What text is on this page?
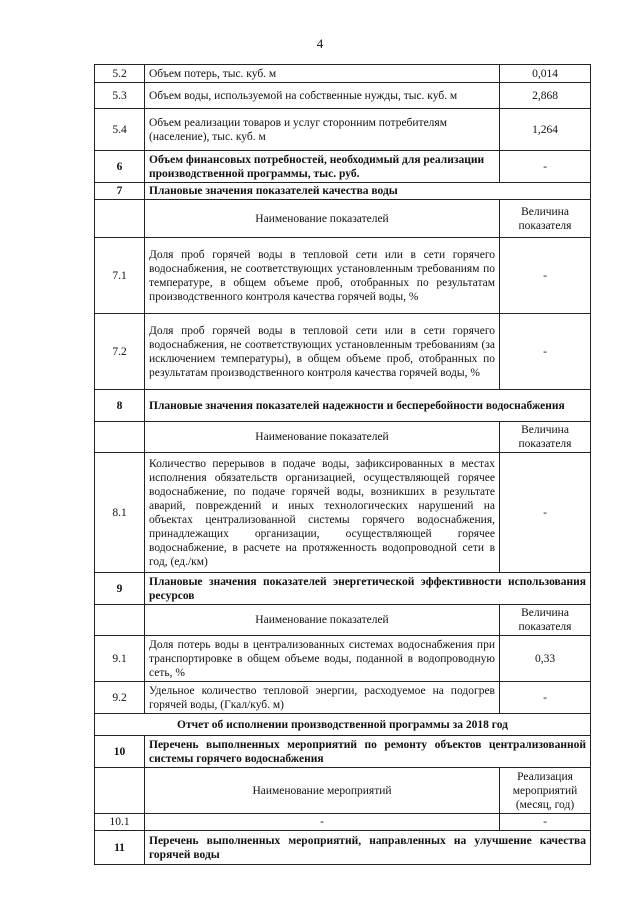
4
5.2	Объем потерь, тыс. куб. м	0,014
5.3	Объем воды, используемой на собственные нужды, тыс. куб. м	2,868
5.4	Объем реализации товаров и услуг сторонним потребителям (население), тыс. куб. м	1,264
6	Объем финансовых потребностей, необходимый для реализации производственной программы, тыс. руб.	-
7	Плановые значения показателей качества воды	
	Наименование показателей	Величина показателя
7.1	Доля проб горячей воды в тепловой сети или в сети горячего водоснабжения, не соответствующих установленным требованиям по температуре, в общем объеме проб, отобранных по результатам производственного контроля качества горячей воды, %	-
7.2	Доля проб горячей воды в тепловой сети или в сети горячего водоснабжения, не соответствующих установленным требованиям (за исключением температуры), в общем объеме проб, отобранных по результатам производственного контроля качества горячей воды, %	-
8	Плановые значения показателей надежности и бесперебойности водоснабжения	
	Наименование показателей	Величина показателя
8.1	Количество перерывов в подаче воды, зафиксированных в местах исполнения обязательств организацией, осуществляющей горячее водоснабжение, по подаче горячей воды, возникших в результате аварий, повреждений и иных технологических нарушений на объектах централизованной системы горячего водоснабжения, принадлежащих организации, осуществляющей горячее водоснабжение, в расчете на протяженность водопроводной сети в год, (ед./км)	-
9	Плановые значения показателей энергетической эффективности использования ресурсов	
	Наименование показателей	Величина показателя
9.1	Доля потерь воды в централизованных системах водоснабжения при транспортировке в общем объеме воды, поданной в водопроводную сеть, %	0,33
9.2	Удельное количество тепловой энергии, расходуемое на подогрев горячей воды, (Гкал/куб. м)	-
Отчет об исполнении производственной программы за 2018 год		
10	Перечень выполненных мероприятий по ремонту объектов централизованной системы горячего водоснабжения	
	Наименование мероприятий	Реализация мероприятий (месяц, год)
10.1	-	-
11	Перечень выполненных мероприятий, направленных на улучшение качества горячей воды	
